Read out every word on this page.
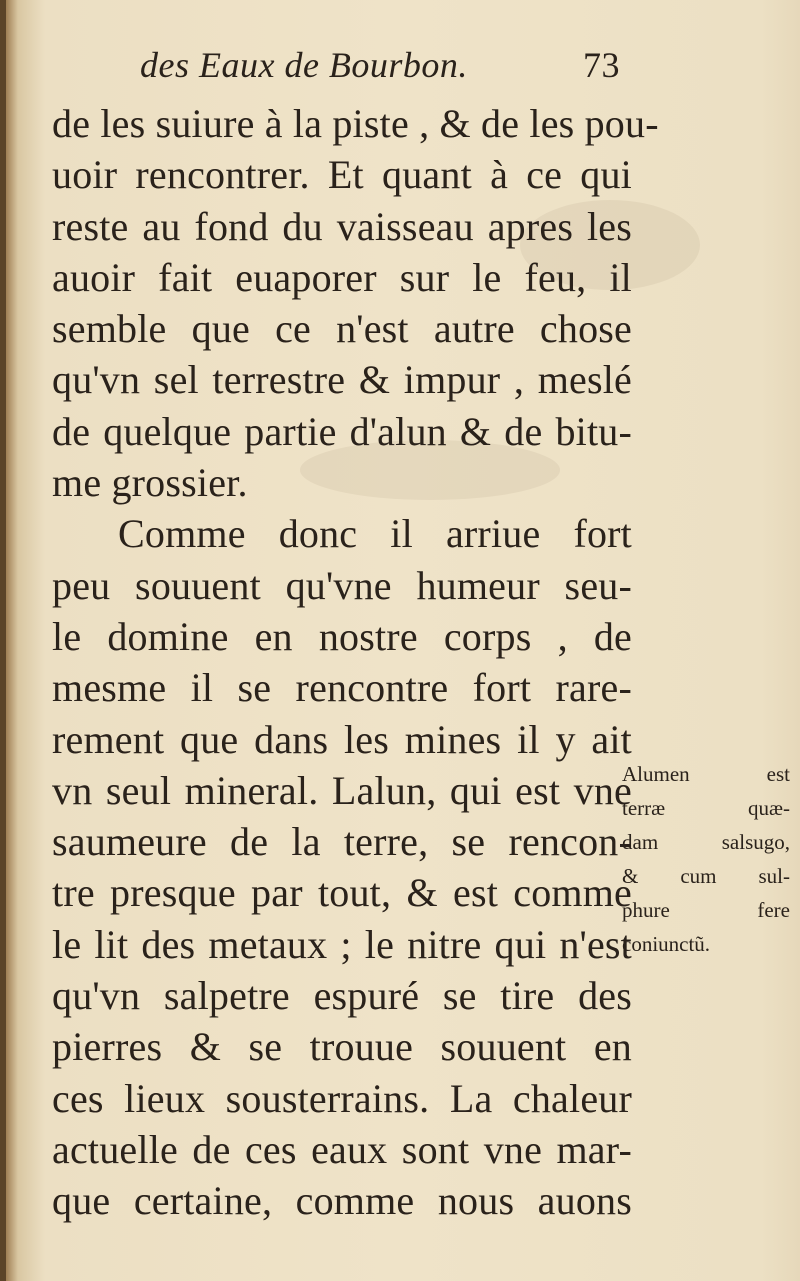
des Eaux de Bourbon.	73
de les suiure à la piste , & de les pou-
uoir rencontrer. Et quant à ce qui
reste au fond du vaisseau apres les
auoir fait euaporer sur le feu, il
semble que ce n'est autre chose
qu'vn sel terrestre & impur , meslé
de quelque partie d'alun & de bitu-
me grossier.
Comme donc il arriue fort
peu souuent qu'vne humeur seu-
le domine en nostre corps , de
mesme il se rencontre fort rare-
rement que dans les mines il y ait
vn seul mineral. Lalun, qui est vne
saumeure de la terre, se rencon-
tre presque par tout, & est comme
le lit des metaux ; le nitre qui n'est
qu'vn salpetre espuré se tire des
pierres & se trouue souuent en
ces lieux sousterrains. La chaleur
actuelle de ces eaux sont vne mar-
que certaine, comme nous auons
Alumen est
terræ quæ-
dam salsugo,
& cum sul-
phure fere
coniunctũ.
